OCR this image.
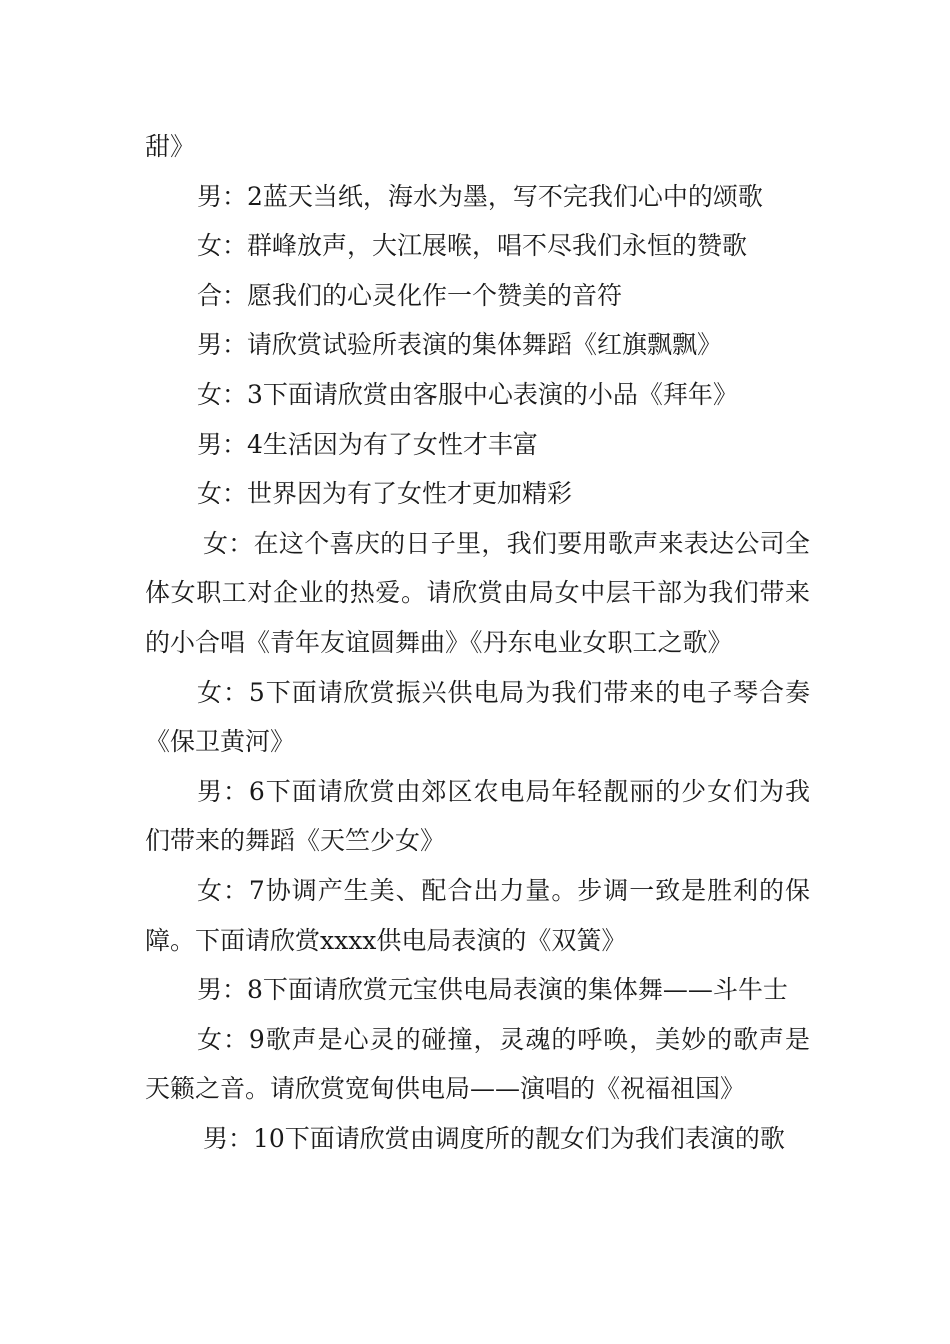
甜》

男：2蓝天当纸，海水为墨，写不完我们心中的颂歌

女：群峰放声，大江展喉，唱不尽我们永恒的赞歌

合：愿我们的心灵化作一个赞美的音符

男：请欣赏试验所表演的集体舞蹈《红旗飘飘》

女：3下面请欣赏由客服中心表演的小品《拜年》

男：4生活因为有了女性才丰富

女：世界因为有了女性才更加精彩

女：在这个喜庆的日子里，我们要用歌声来表达公司全体女职工对企业的热爱。请欣赏由局女中层干部为我们带来的小合唱《青年友谊圆舞曲》《丹东电业女职工之歌》

女：5下面请欣赏振兴供电局为我们带来的电子琴合奏《保卫黄河》

男：6下面请欣赏由郊区农电局年轻靓丽的少女们为我们带来的舞蹈《天竺少女》

女：7协调产生美、配合出力量。步调一致是胜利的保障。下面请欣赏xxxx供电局表演的《双簧》

男：8下面请欣赏元宝供电局表演的集体舞——斗牛士

女：9歌声是心灵的碰撞，灵魂的呼唤，美妙的歌声是天籁之音。请欣赏宽甸供电局——演唱的《祝福祖国》

男：10下面请欣赏由调度所的靓女们为我们表演的歌
